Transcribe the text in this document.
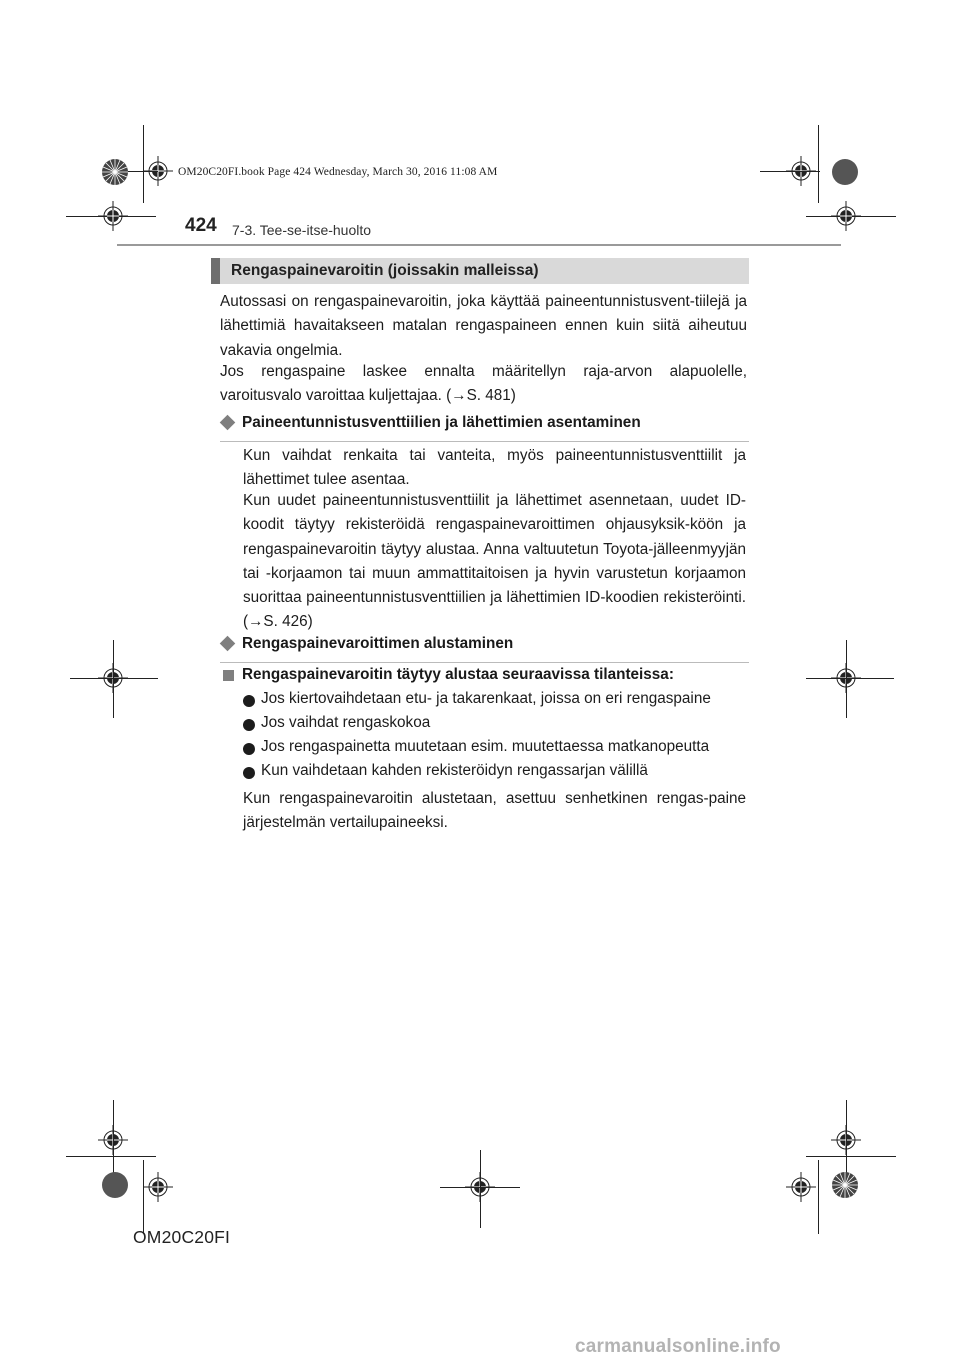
OM20C20FI.book Page 424 Wednesday, March 30, 2016 11:08 AM
424 7-3. Tee-se-itse-huolto
Rengaspainevaroitin (joissakin malleissa)
Autossasi on rengaspainevaroitin, joka käyttää paineentunnistusvent-tiilejä ja lähettimiä havaitakseen matalan rengaspaineen ennen kuin siitä aiheutuu vakavia ongelmia.
Jos rengaspaine laskee ennalta määritellyn raja-arvon alapuolelle, varoitusvalo varoittaa kuljettajaa. (→S. 481)
Paineentunnistusventtiilien ja lähettimien asentaminen
Kun vaihdat renkaita tai vanteita, myös paineentunnistusventtiilit ja lähettimet tulee asentaa.
Kun uudet paineentunnistusventtiilit ja lähettimet asennetaan, uudet ID-koodit täytyy rekisteröidä rengaspainevaroittimen ohjausyksik-köön ja rengaspainevaroitin täytyy alustaa. Anna valtuutetun Toyota-jälleenmyyjän tai -korjaamon tai muun ammattitaitoisen ja hyvin varustetun korjaamon suorittaa paineentunnistusventtiilien ja lähettimien ID-koodien rekisteröinti. (→S. 426)
Rengaspainevaroittimen alustaminen
Rengaspainevaroitin täytyy alustaa seuraavissa tilanteissa:
Jos kiertovaihdetaan etu- ja takarenkaat, joissa on eri rengaspaine
Jos vaihdat rengaskokoa
Jos rengaspainetta muutetaan esim. muutettaessa matkanopeutta
Kun vaihdetaan kahden rekisteröidyn rengassarjan välillä
Kun rengaspainevaroitin alustetaan, asettuu senhetkinen rengas-paine järjestelmän vertailupaineeksi.
OM20C20FI
carmanualsonline.info
